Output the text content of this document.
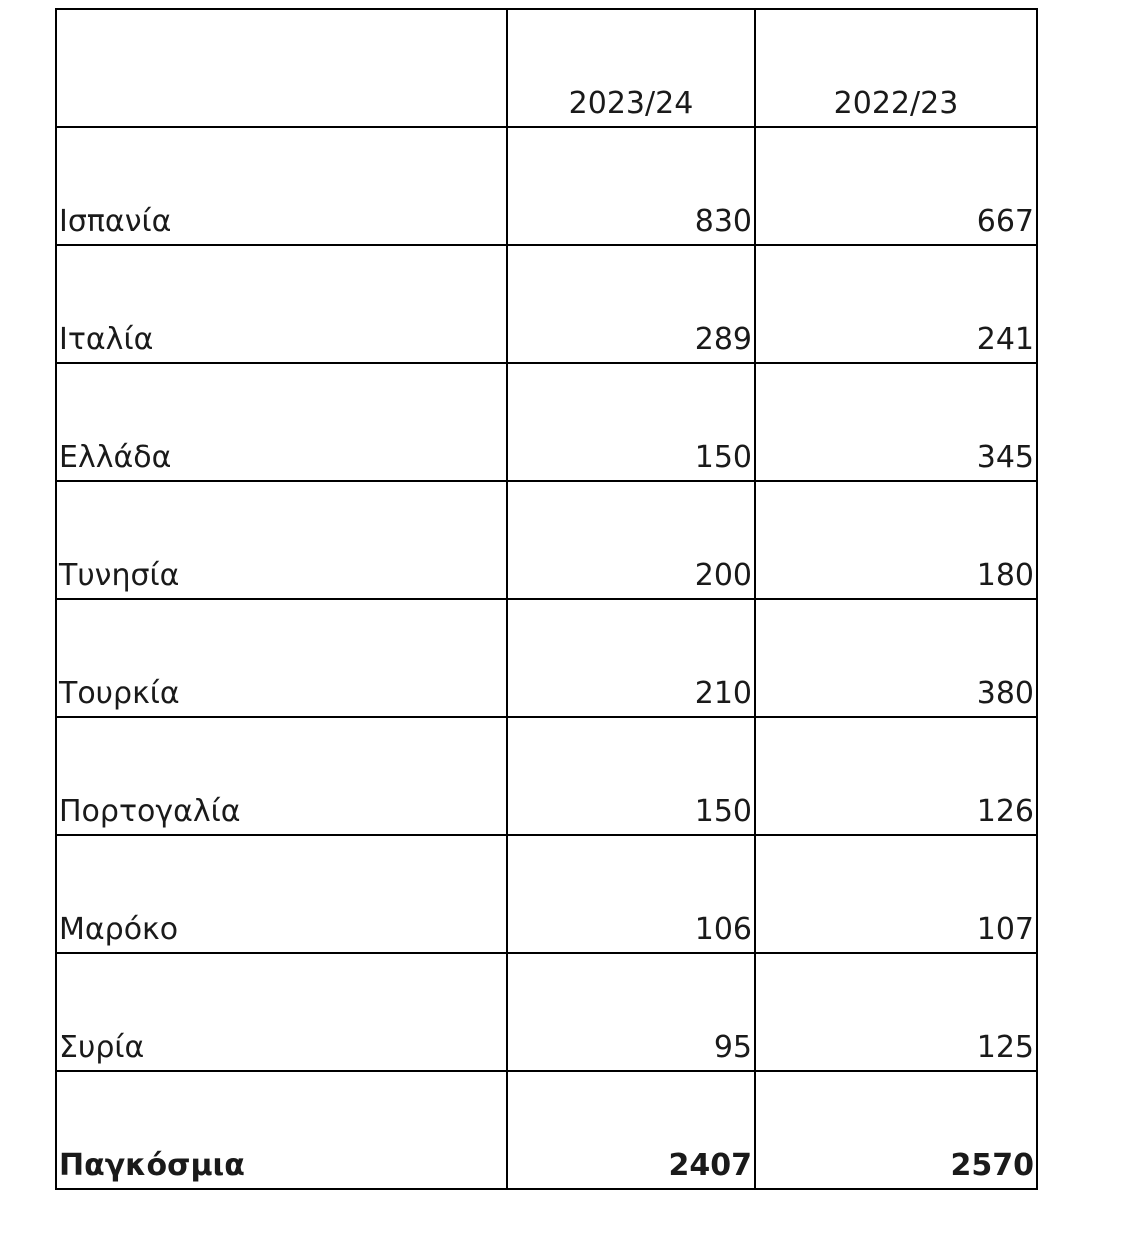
	2023/24	2022/23
Ισπανία	830	667
Ιταλία	289	241
Ελλάδα	150	345
Τυνησία	200	180
Τουρκία	210	380
Πορτογαλία	150	126
Μαρόκο	106	107
Συρία	95	125
Παγκόσμια	2407	2570
